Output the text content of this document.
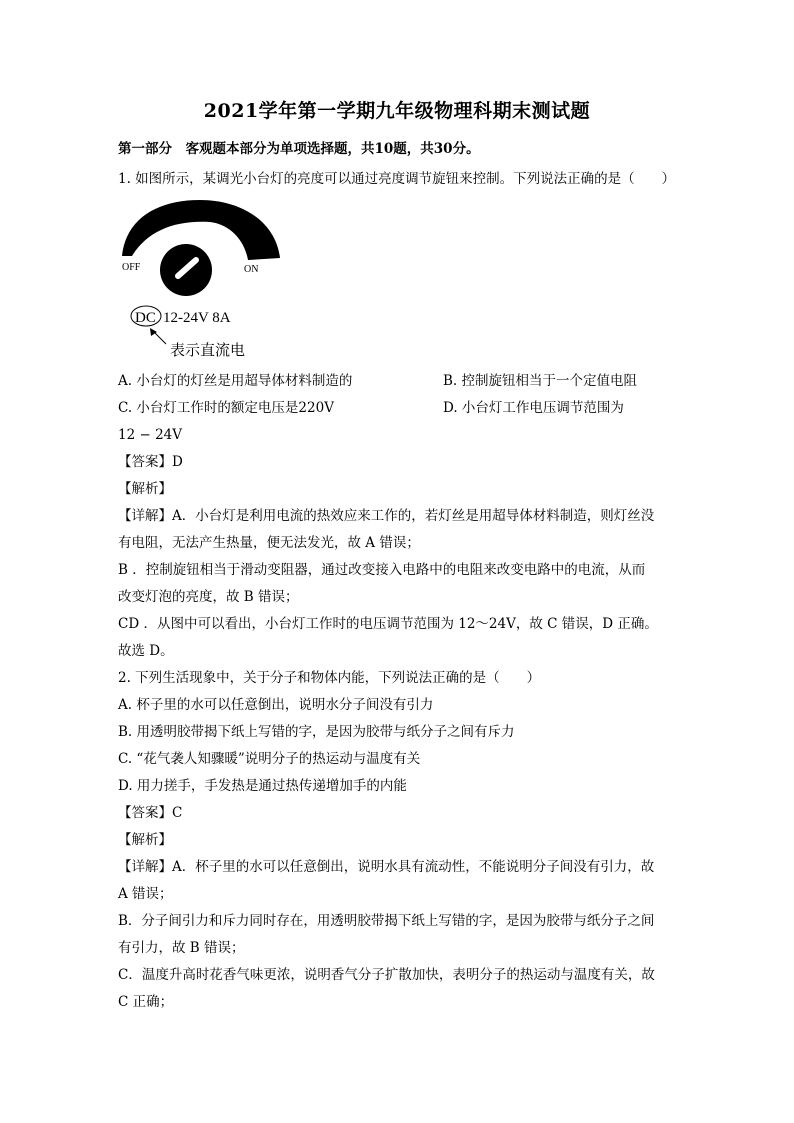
2021学年第一学期九年级物理科期末测试题
第一部分　客观题本部分为单项选择题，共10题，共30分。
1. 如图所示，某调光小台灯的亮度可以通过亮度调节旋钮来控制。下列说法正确的是（　　）
OFF	ON
DC 12-24V 8A
表示直流电
A. 小台灯的灯丝是用超导体材料制造的	B. 控制旋钮相当于一个定值电阻
C. 小台灯工作时的额定电压是220V	D. 小台灯工作电压调节范围为
12 − 24V
【答案】D
【解析】
【详解】A．小台灯是利用电流的热效应来工作的，若灯丝是用超导体材料制造，则灯丝没
有电阻，无法产生热量，便无法发光，故 A 错误；
B ．控制旋钮相当于滑动变阻器，通过改变接入电路中的电阻来改变电路中的电流，从而
改变灯泡的亮度，故 B 错误；
CD ．从图中可以看出，小台灯工作时的电压调节范围为 12～24V，故 C 错误，D 正确。
故选 D。
2. 下列生活现象中，关于分子和物体内能，下列说法正确的是（　　）
A. 杯子里的水可以任意倒出，说明水分子间没有引力
B. 用透明胶带揭下纸上写错的字，是因为胶带与纸分子之间有斥力
C. “花气袭人知骤暖”说明分子的热运动与温度有关
D. 用力搓手，手发热是通过热传递增加手的内能
【答案】C
【解析】
【详解】A．杯子里的水可以任意倒出，说明水具有流动性，不能说明分子间没有引力，故
A 错误；
B．分子间引力和斥力同时存在，用透明胶带揭下纸上写错的字，是因为胶带与纸分子之间
有引力，故 B 错误；
C．温度升高时花香气味更浓，说明香气分子扩散加快，表明分子的热运动与温度有关，故
C 正确；
